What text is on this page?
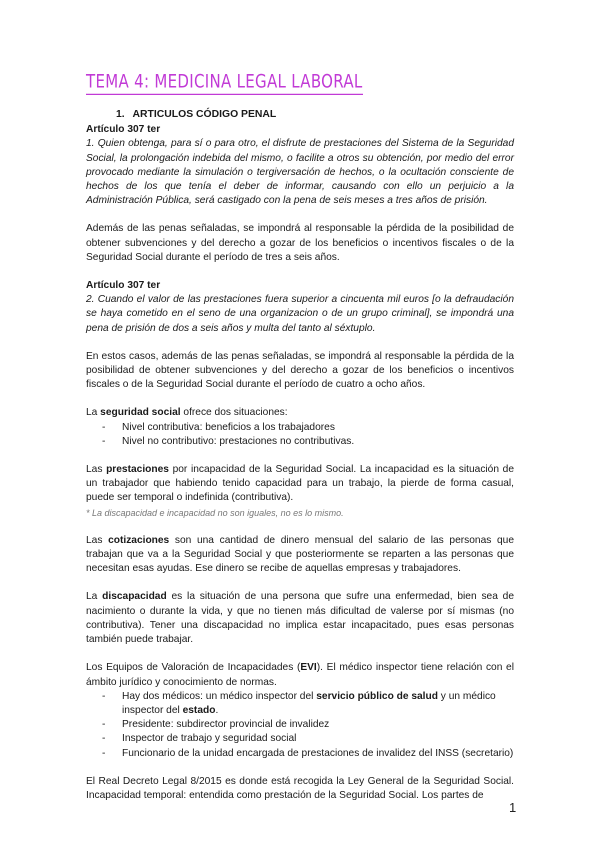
TEMA 4: MEDICINA LEGAL LABORAL
1. ARTICULOS CÓDIGO PENAL

Artículo 307 ter

1. Quien obtenga, para sí o para otro, el disfrute de prestaciones del Sistema de la Seguridad Social, la prolongación indebida del mismo, o facilite a otros su obtención, por medio del error provocado mediante la simulación o tergiversación de hechos, o la ocultación consciente de hechos de los que tenía el deber de informar, causando con ello un perjuicio a la Administración Pública, será castigado con la pena de seis meses a tres años de prisión.

Además de las penas señaladas, se impondrá al responsable la pérdida de la posibilidad de obtener subvenciones y del derecho a gozar de los beneficios o incentivos fiscales o de la Seguridad Social durante el período de tres a seis años.

Artículo 307 ter

2. Cuando el valor de las prestaciones fuera superior a cincuenta mil euros [o la defraudación se haya cometido en el seno de una organizacion o de un grupo criminal], se impondrá una pena de prisión de dos a seis años y multa del tanto al séxtuplo.

En estos casos, además de las penas señaladas, se impondrá al responsable la pérdida de la posibilidad de obtener subvenciones y del derecho a gozar de los beneficios o incentivos fiscales o de la Seguridad Social durante el período de cuatro a ocho años.

La seguridad social ofrece dos situaciones:

- Nivel contributiva: beneficios a los trabajadores
- Nivel no contributivo: prestaciones no contributivas.

Las prestaciones por incapacidad de la Seguridad Social. La incapacidad es la situación de un trabajador que habiendo tenido capacidad para un trabajo, la pierde de forma casual, puede ser temporal o indefinida (contributiva).

* La discapacidad e incapacidad no son iguales, no es lo mismo.

Las cotizaciones son una cantidad de dinero mensual del salario de las personas que trabajan que va a la Seguridad Social y que posteriormente se reparten a las personas que necesitan esas ayudas. Ese dinero se recibe de aquellas empresas y trabajadores.

La discapacidad es la situación de una persona que sufre una enfermedad, bien sea de nacimiento o durante la vida, y que no tienen más dificultad de valerse por sí mismas (no contributiva). Tener una discapacidad no implica estar incapacitado, pues esas personas también puede trabajar.

Los Equipos de Valoración de Incapacidades (EVI). El médico inspector tiene relación con el ámbito jurídico y conocimiento de normas.

- Hay dos médicos: un médico inspector del servicio público de salud y un médico inspector del estado.
- Presidente: subdirector provincial de invalidez
- Inspector de trabajo y seguridad social
- Funcionario de la unidad encargada de prestaciones de invalidez del INSS (secretario)

El Real Decreto Legal 8/2015 es donde está recogida la Ley General de la Seguridad Social. Incapacidad temporal: entendida como prestación de la Seguridad Social. Los partes de

1
